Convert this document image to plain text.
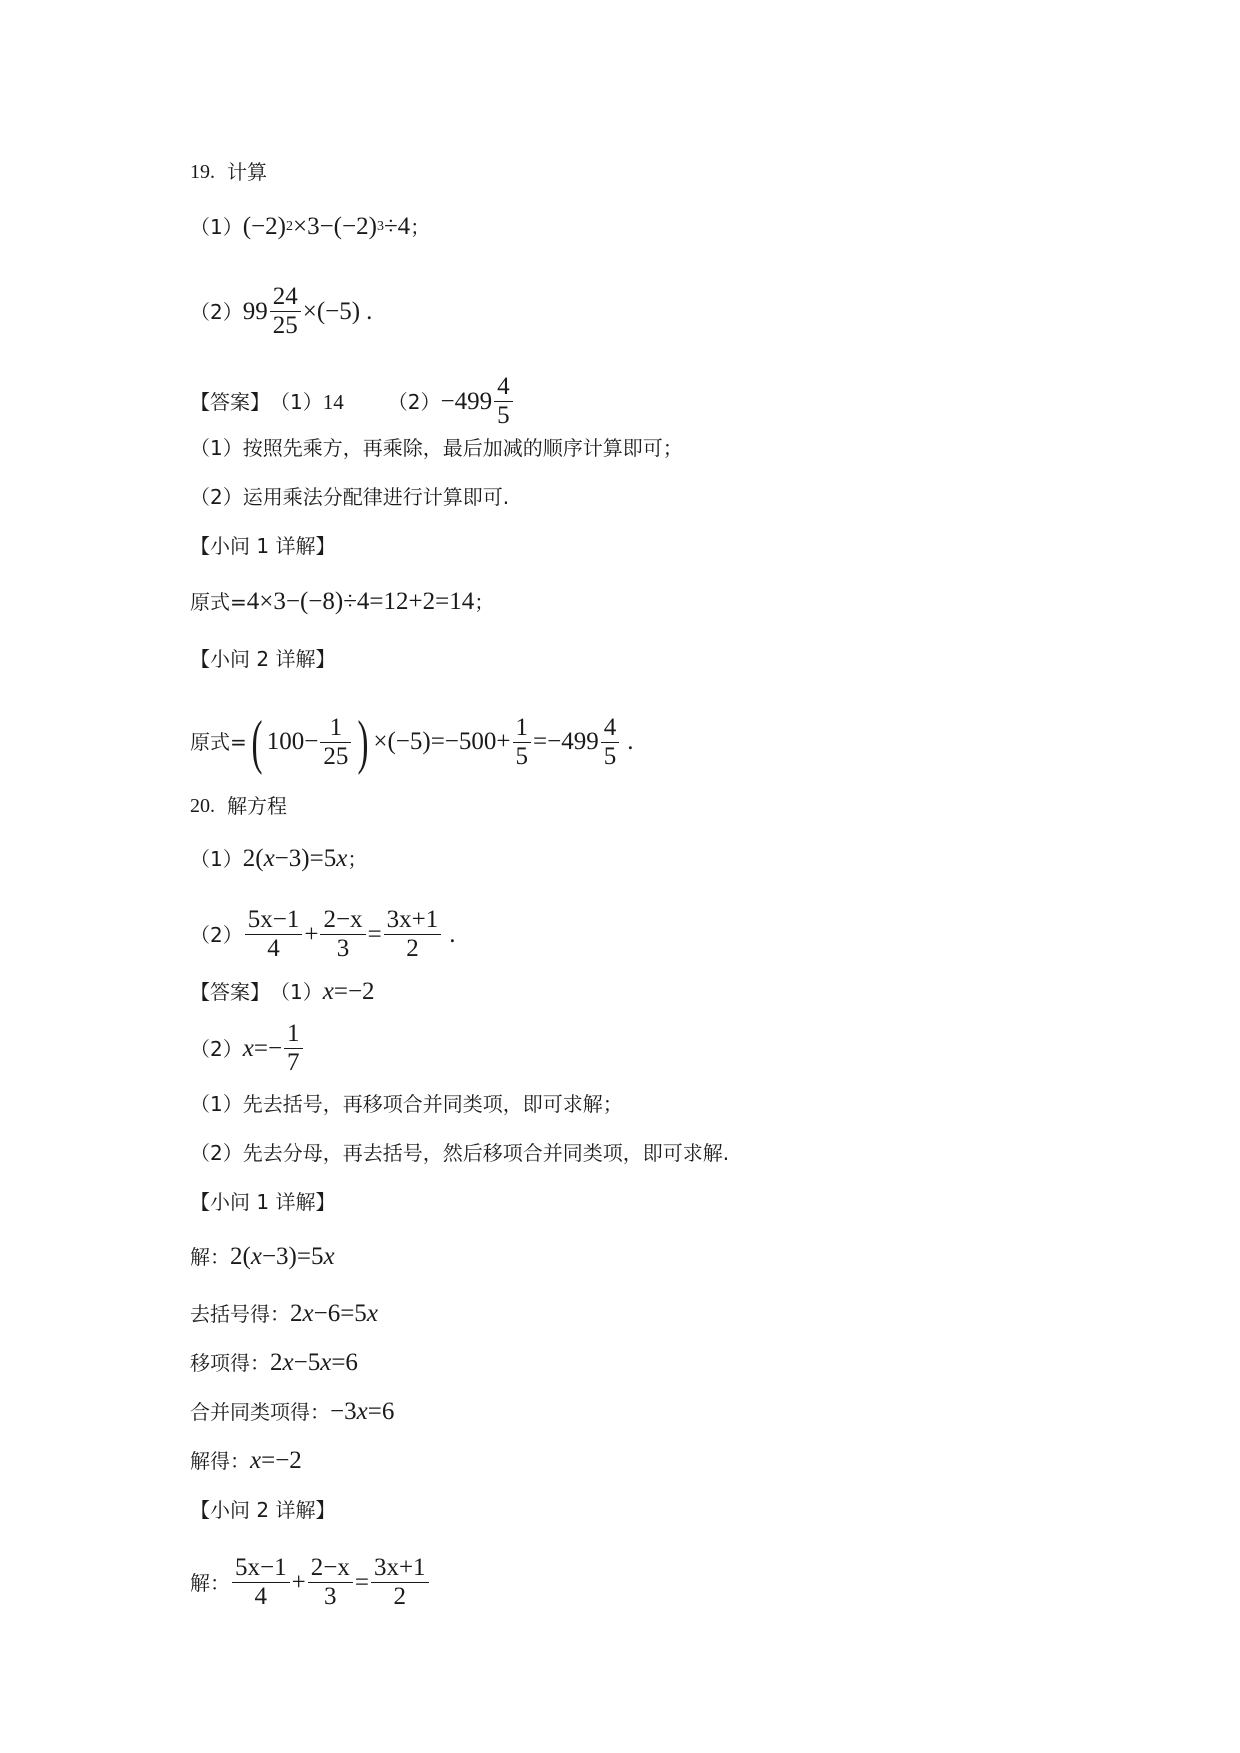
19. 计算
（1） (−2) 2 ×3−(−2) 3 ÷4 ；
（2） $99 \frac{24}{25} \times(-5)$ .
【答案】 （1） 14 $(2) -499 \frac{4}{5}$
（1）按照先乘方，再乘除，最后加减的顺序计算即可；
（2）运用乘法分配律进行计算即可.
【小问 1 详解】
原式= 4×3−(−8)÷4=12+2=14 ；
【小问 2 详解】
原式= ( $100- \frac{1}{25}$ ) $\times(-5)=-500+ \frac{1}{5} =-499 \frac{4}{5}$ .
20. 解方程
（1） 2( x −3)=5 x ；
$(2) \frac{5x-1}{4} + \frac{2-x}{3} = \frac{3x+1}{2}$ .
【答案】 （1） x =−2
（2） $x =- \frac{1}{7}$
（1）先去括号，再移项合并同类项，即可求解；
（2）先去分母，再去括号，然后移项合并同类项，即可求解.
【小问 1 详解】
解： 2( x −3)=5 x
去括号得： 2 x −6=5 x
移项得： 2 x −5 x =6
合并同类项得： −3 x =6
解得： x =−2
【小问 2 详解】
解： $\frac{5x-1}{4} + \frac{2-x}{3} = \frac{3x+1}{2}$
